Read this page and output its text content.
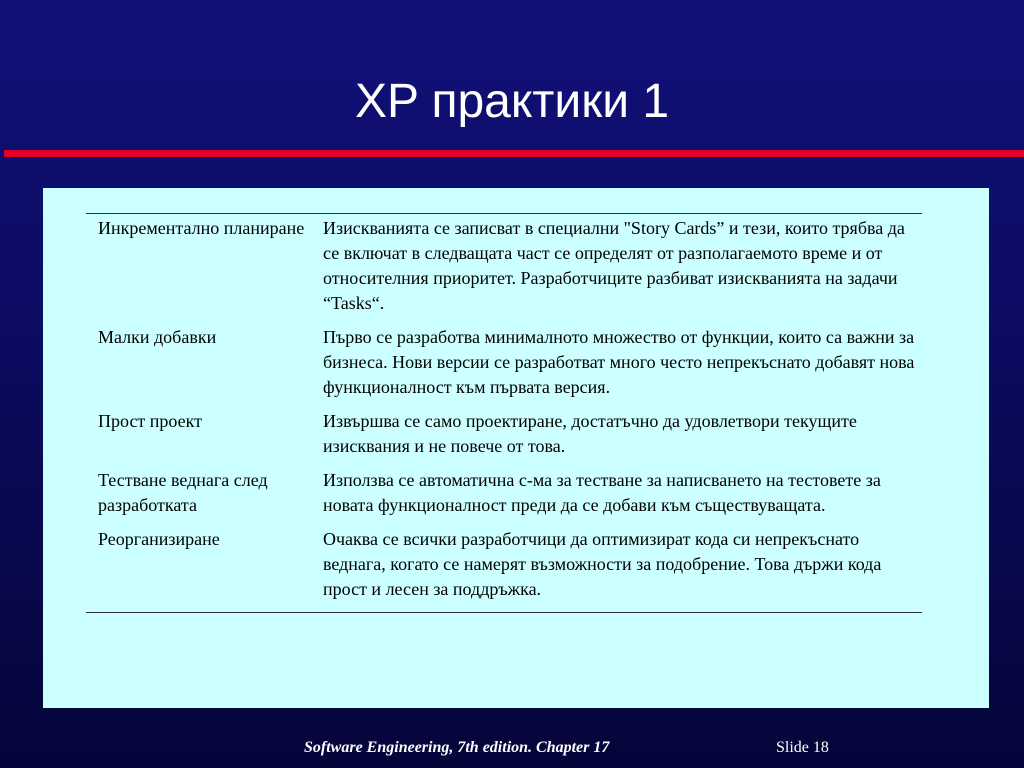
XP практики 1
Инкрементално планиране	Изискванията се записват в специални "Story Cards” и тези, които трябва да се включат в следващата част се определят от разполагаемото време и от относителния приоритет. Разработчиците разбиват изискванията на задачи “Tasks“.
Малки добавки	Първо се разработва минималното множество от функции, които са важни за бизнеса. Нови версии се разработват много често непрекъснато добавят нова функционалност към първата версия.
Прост проект	Извършва се само проектиране, достатъчно да удовлетвори текущите изисквания и не повече от това.
Тестване веднага след разработката	Използва се автоматична с-ма за тестване за написването на тестовете за новата функционалност преди да се добави към съществуващата.
Реорганизиране	Очаква се всички разработчици да оптимизират кода си непрекъснато веднага, когато се намерят възможности за подобрение. Това държи кода прост и лесен за поддръжка.
Software Engineering, 7th edition. Chapter 17	Slide 18
